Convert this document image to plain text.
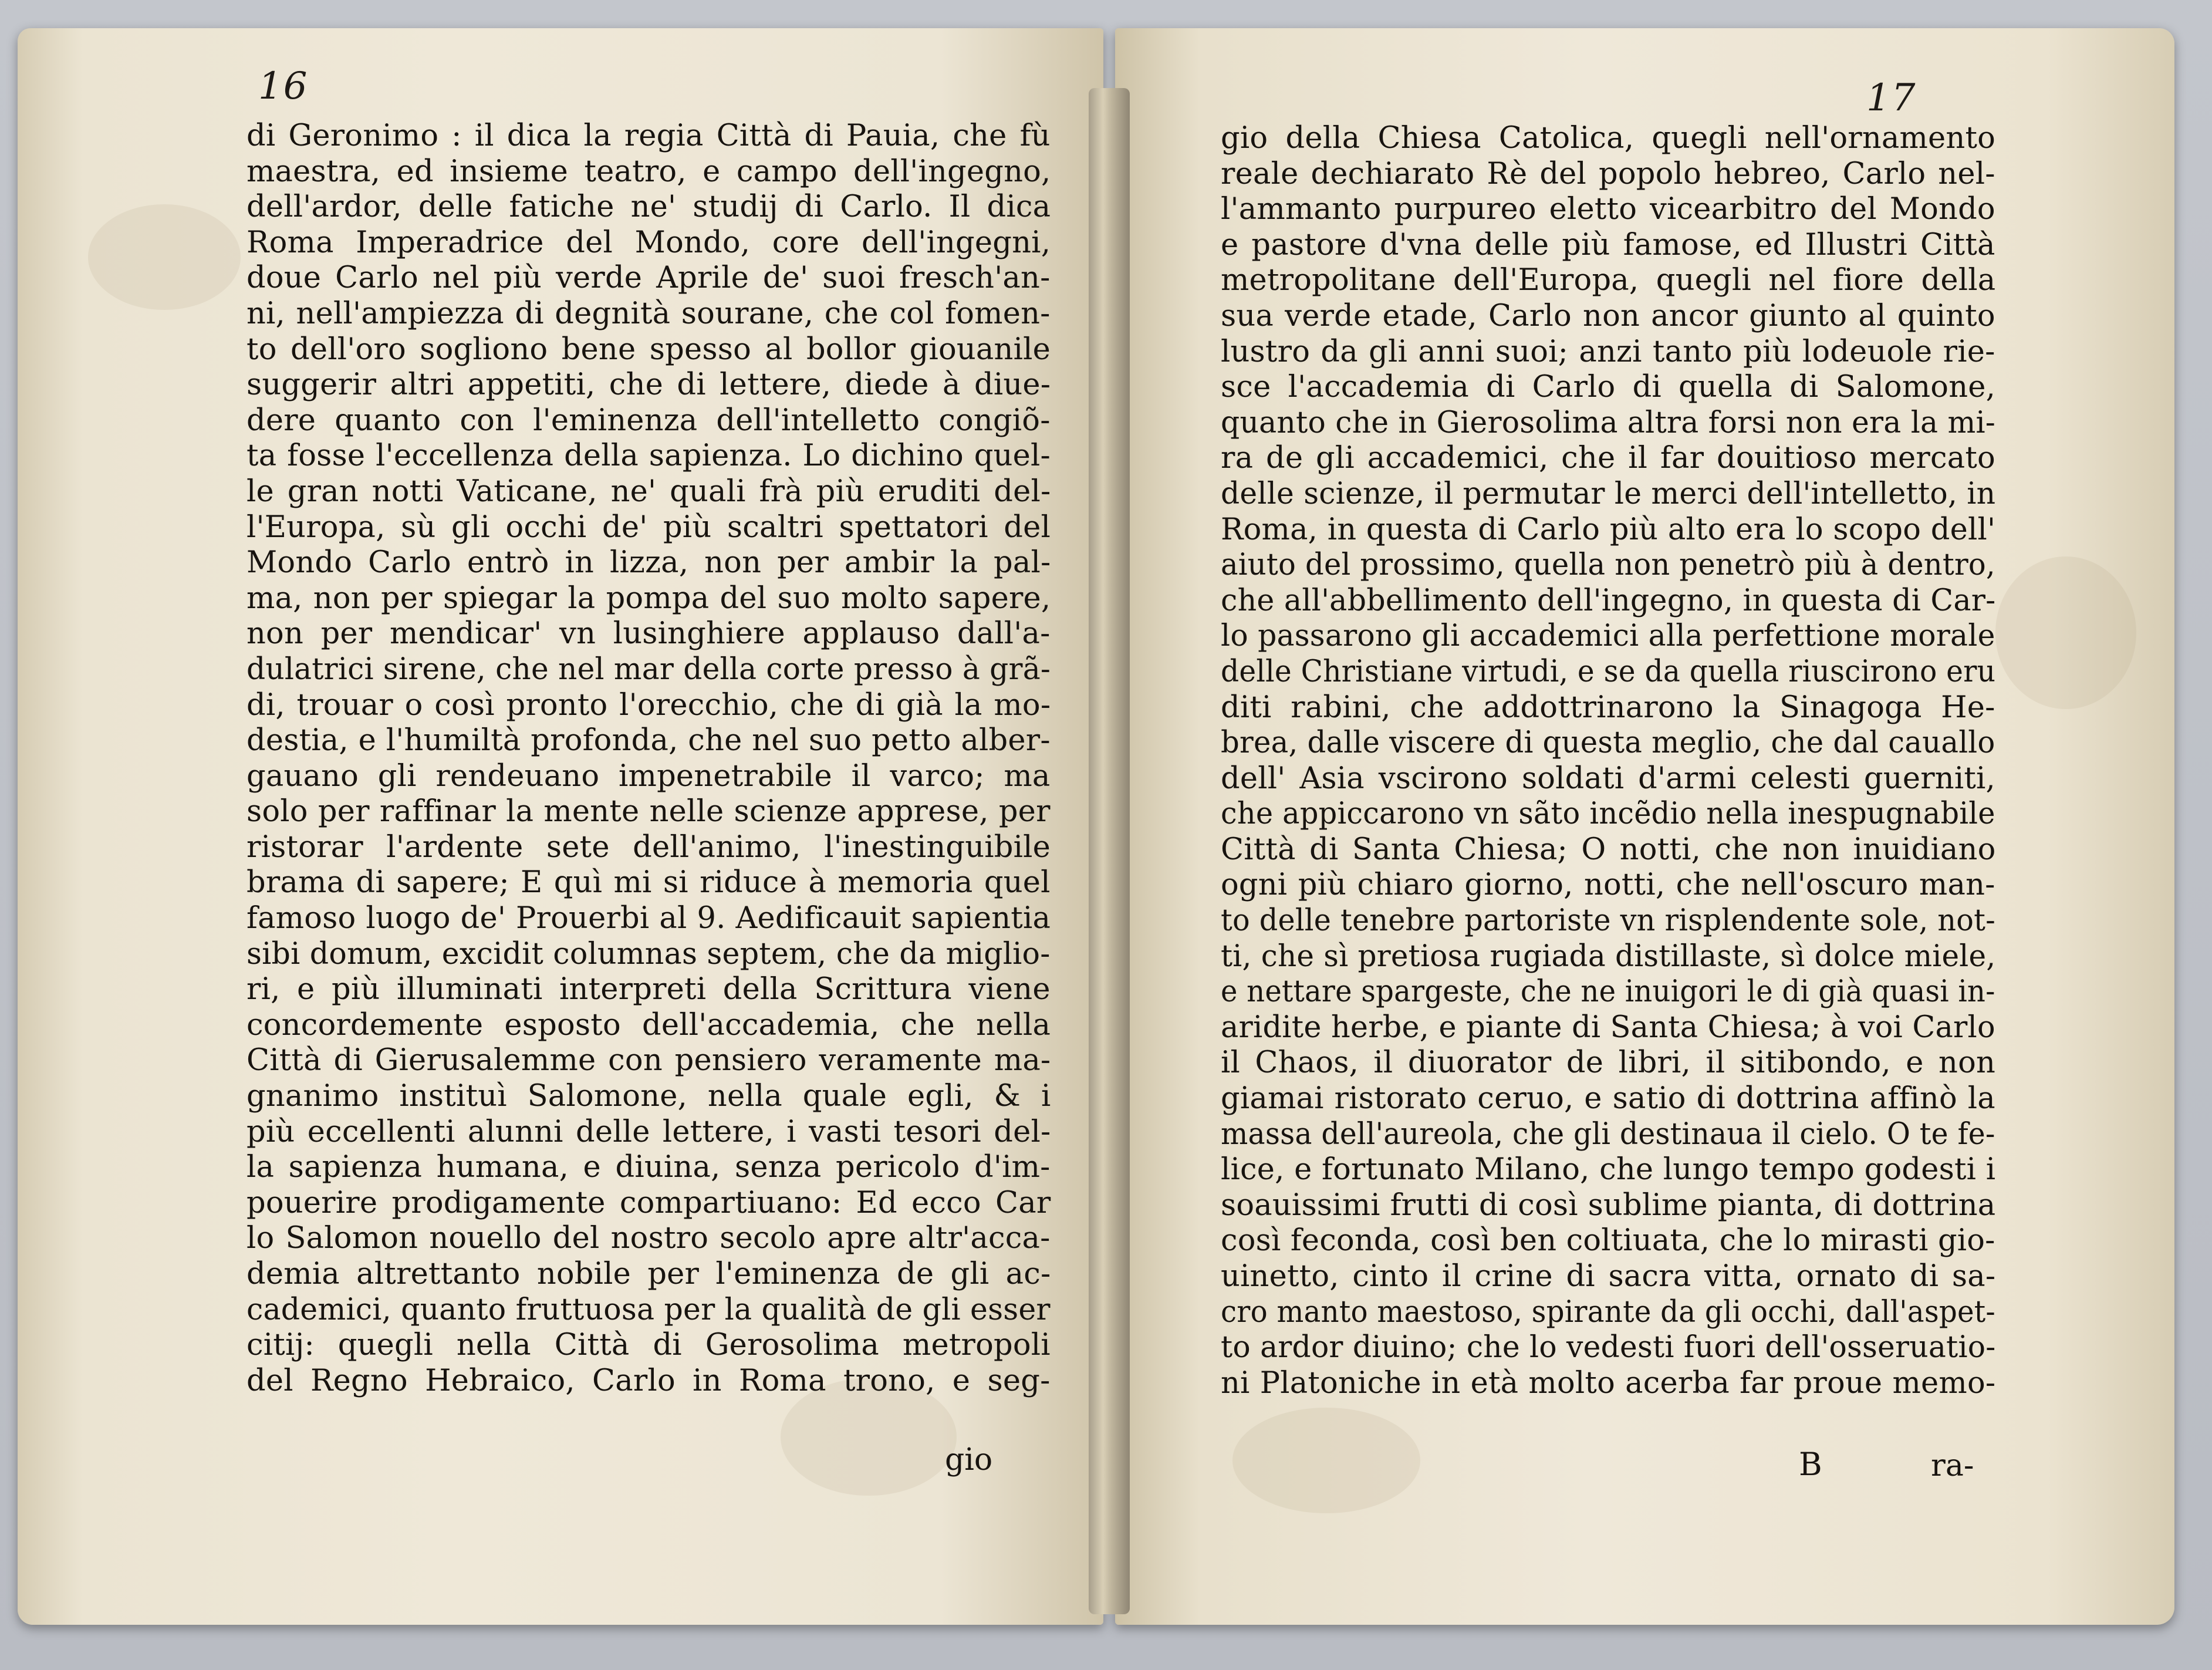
16	17
di Geronimo : il dica la regia Città di Pauia, che fù
maestra, ed insieme teatro, e campo dell'ingegno,
dell'ardor, delle fatiche ne' studij di Carlo. Il dica
Roma Imperadrice del Mondo, core dell'ingegni,
doue Carlo nel più verde Aprile de' suoi fresch'an-
ni, nell'ampiezza di degnità sourane, che col fomen-
to dell'oro sogliono bene spesso al bollor giouanile
suggerir altri appetiti, che di lettere, diede à diue-
dere quanto con l'eminenza dell'intelletto congiõ-
ta fosse l'eccellenza della sapienza. Lo dichino quel-
le gran notti Vaticane, ne' quali frà più eruditi del-
l'Europa, sù gli occhi de' più scaltri spettatori del
Mondo Carlo entrò in lizza, non per ambir la pal-
ma, non per spiegar la pompa del suo molto sapere,
non per mendicar' vn lusinghiere applauso dall'a-
dulatrici sirene, che nel mar della corte presso à grã-
di, trouar o così pronto l'orecchio, che di già la mo-
destia, e l'humiltà profonda, che nel suo petto alber-
gauano gli rendeuano impenetrabile il varco; ma
solo per raffinar la mente nelle scienze apprese, per
ristorar l'ardente sete dell'animo, l'inestinguibile
brama di sapere; E quì mi si riduce à memoria quel
famoso luogo de' Prouerbi al 9. Aedificauit sapientia
sibi domum, excidit columnas septem, che da miglio-
ri, e più illuminati interpreti della Scrittura viene
concordemente esposto dell'accademia, che nella
Città di Gierusalemme con pensiero veramente ma-
gnanimo instituì Salomone, nella quale egli, & i
più eccellenti alunni delle lettere, i vasti tesori del-
la sapienza humana, e diuina, senza pericolo d'im-
pouerire prodigamente compartiuano: Ed ecco Car
lo Salomon nouello del nostro secolo apre altr'acca-
demia altrettanto nobile per l'eminenza de gli ac-
cademici, quanto fruttuosa per la qualità de gli esser
citij: quegli nella Città di Gerosolima metropoli
del Regno Hebraico, Carlo in Roma trono, e seg-
gio della Chiesa Catolica, quegli nell'ornamento
reale dechiarato Rè del popolo hebreo, Carlo nel-
l'ammanto purpureo eletto vicearbitro del Mondo
e pastore d'vna delle più famose, ed Illustri Città
metropolitane dell'Europa, quegli nel fiore della
sua verde etade, Carlo non ancor giunto al quinto
lustro da gli anni suoi; anzi tanto più lodeuole rie-
sce l'accademia di Carlo di quella di Salomone,
quanto che in Gierosolima altra forsi non era la mi-
ra de gli accademici, che il far douitioso mercato
delle scienze, il permutar le merci dell'intelletto, in
Roma, in questa di Carlo più alto era lo scopo dell'
aiuto del prossimo, quella non penetrò più à dentro,
che all'abbellimento dell'ingegno, in questa di Car-
lo passarono gli accademici alla perfettione morale
delle Christiane virtudi, e se da quella riuscirono eru
diti rabini, che addottrinarono la Sinagoga He-
brea, dalle viscere di questa meglio, che dal cauallo
dell' Asia vscirono soldati d'armi celesti guerniti,
che appiccarono vn sãto incẽdio nella inespugnabile
Città di Santa Chiesa; O notti, che non inuidiano
ogni più chiaro giorno, notti, che nell'oscuro man-
to delle tenebre partoriste vn risplendente sole, not-
ti, che sì pretiosa rugiada distillaste, sì dolce miele,
e nettare spargeste, che ne inuigori le di già quasi in-
aridite herbe, e piante di Santa Chiesa; à voi Carlo
il Chaos, il diuorator de libri, il sitibondo, e non
giamai ristorato ceruo, e satio di dottrina affinò la
massa dell'aureola, che gli destinaua il cielo. O te fe-
lice, e fortunato Milano, che lungo tempo godesti i
soauissimi frutti di così sublime pianta, di dottrina
così feconda, così ben coltiuata, che lo mirasti gio-
uinetto, cinto il crine di sacra vitta, ornato di sa-
cro manto maestoso, spirante da gli occhi, dall'aspet-
to ardor diuino; che lo vedesti fuori dell'osseruatio-
ni Platoniche in età molto acerba far proue memo-
gio	B	ra-
